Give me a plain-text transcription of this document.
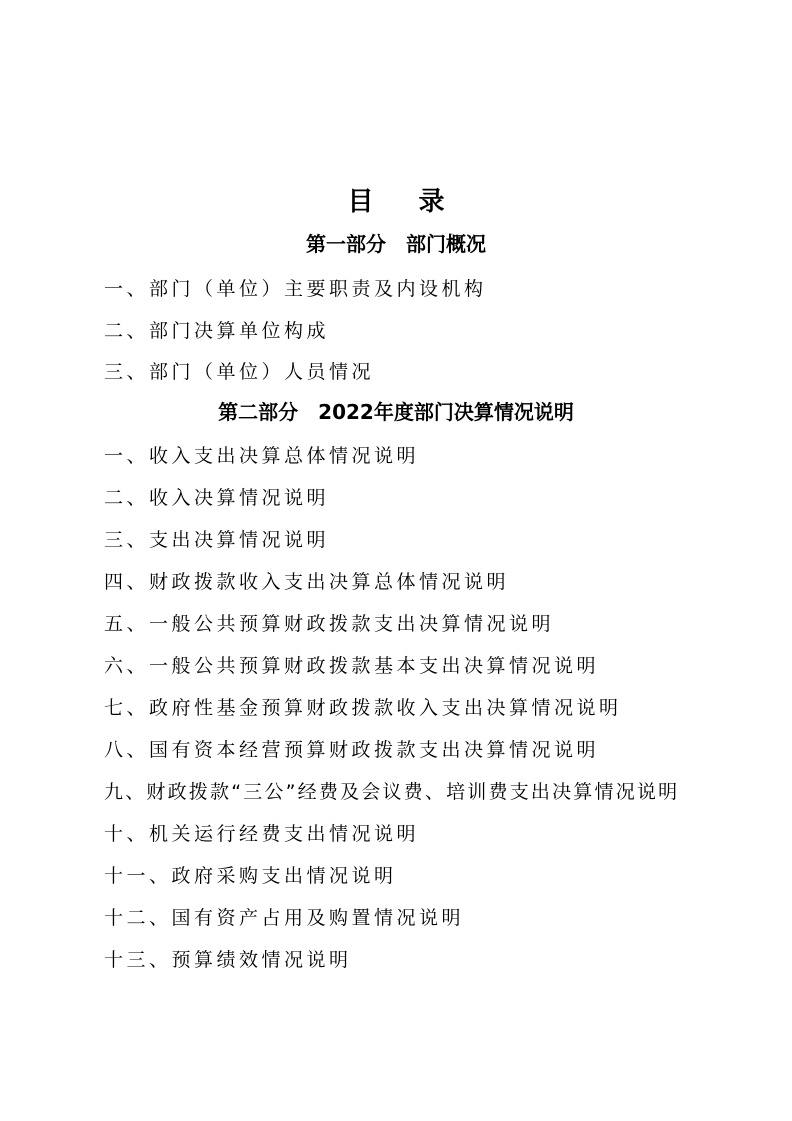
目 录
第一部分　部门概况
一、部门（单位）主要职责及内设机构
二、部门决算单位构成
三、部门（单位）人员情况
第二部分　2022年度部门决算情况说明
一、收入支出决算总体情况说明
二、收入决算情况说明
三、支出决算情况说明
四、财政拨款收入支出决算总体情况说明
五、一般公共预算财政拨款支出决算情况说明
六、一般公共预算财政拨款基本支出决算情况说明
七、政府性基金预算财政拨款收入支出决算情况说明
八、国有资本经营预算财政拨款支出决算情况说明
九、财政拨款“三公”经费及会议费、培训费支出决算情况说明
十、机关运行经费支出情况说明
十一、政府采购支出情况说明
十二、国有资产占用及购置情况说明
十三、预算绩效情况说明
